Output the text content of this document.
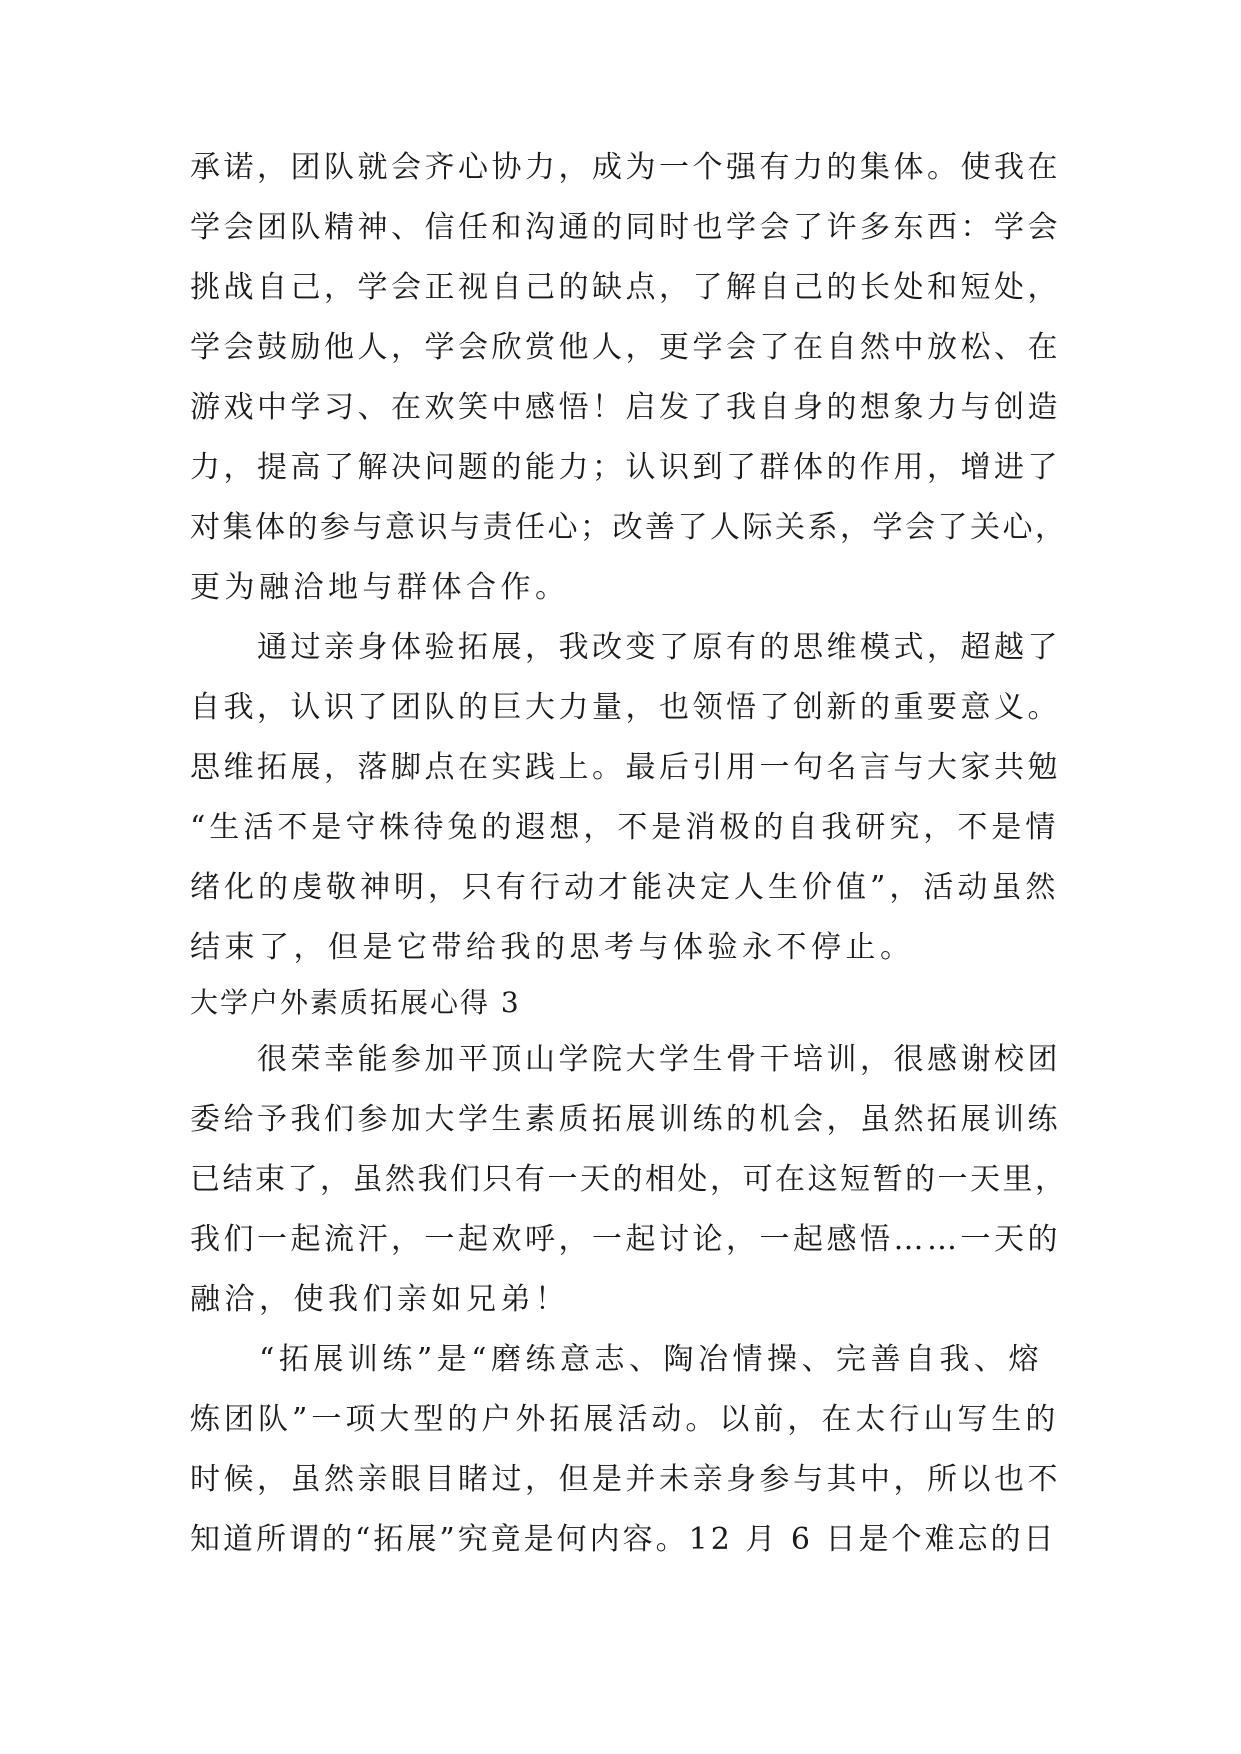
承诺，团队就会齐心协力，成为一个强有力的集体。使我在
学会团队精神、信任和沟通的同时也学会了许多东西：学会
挑战自己，学会正视自己的缺点，了解自己的长处和短处，
学会鼓励他人，学会欣赏他人，更学会了在自然中放松、在
游戏中学习、在欢笑中感悟！启发了我自身的想象力与创造
力，提高了解决问题的能力；认识到了群体的作用，增进了
对集体的参与意识与责任心；改善了人际关系，学会了关心，
更为融洽地与群体合作。
　　通过亲身体验拓展，我改变了原有的思维模式，超越了
自我，认识了团队的巨大力量，也领悟了创新的重要意义。
思维拓展，落脚点在实践上。最后引用一句名言与大家共勉
“生活不是守株待兔的遐想，不是消极的自我研究，不是情
绪化的虔敬神明，只有行动才能决定人生价值”，活动虽然
结束了，但是它带给我的思考与体验永不停止。
大学户外素质拓展心得 3
　　很荣幸能参加平顶山学院大学生骨干培训，很感谢校团
委给予我们参加大学生素质拓展训练的机会，虽然拓展训练
已结束了，虽然我们只有一天的相处，可在这短暂的一天里，
我们一起流汗，一起欢呼，一起讨论，一起感悟……一天的
融洽，使我们亲如兄弟！
　　“拓展训练”是“磨练意志、陶冶情操、完善自我、熔
炼团队”一项大型的户外拓展活动。以前，在太行山写生的
时候，虽然亲眼目睹过，但是并未亲身参与其中，所以也不
知道所谓的“拓展”究竟是何内容。12 月 6 日是个难忘的日
